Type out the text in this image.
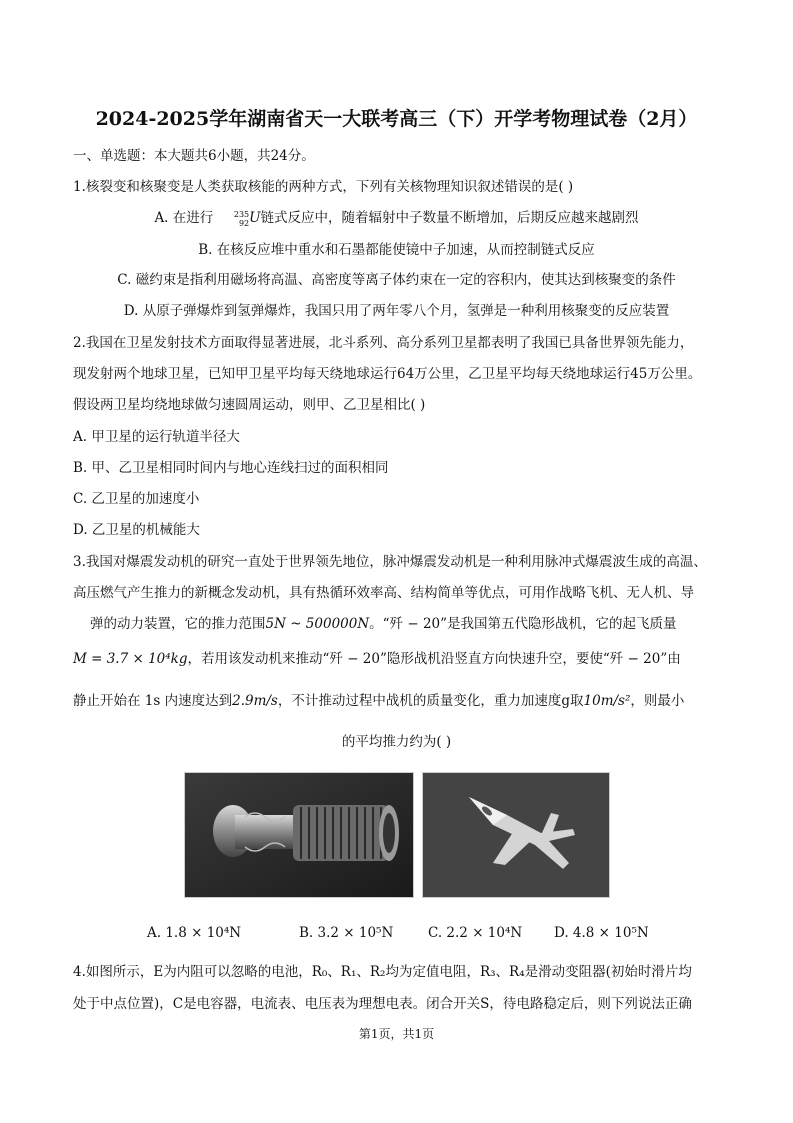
2024-2025学年湖南省天一大联考高三（下）开学考物理试卷（2月）
一、单选题：本大题共6小题，共24分。
1.核裂变和核聚变是人类获取核能的两种方式，下列有关核物理知识叙述错误的是( )
A. 在进行	235
92 U链式反应中，随着辐射中子数量不断增加，后期反应越来越剧烈
B. 在核反应堆中重水和石墨都能使镜中子加速，从而控制链式反应
C. 磁约束是指利用磁场将高温、高密度等离子体约束在一定的容积内，使其达到核聚变的条件
D. 从原子弹爆炸到氢弹爆炸，我国只用了两年零八个月，氢弹是一种利用核聚变的反应装置
2.我国在卫星发射技术方面取得显著进展，北斗系列、高分系列卫星都表明了我国已具备世界领先能力，
现发射两个地球卫星，已知甲卫星平均每天绕地球运行64万公里，乙卫星平均每天绕地球运行45万公里。
假设两卫星均绕地球做匀速圆周运动，则甲、乙卫星相比( )
A. 甲卫星的运行轨道半径大
B. 甲、乙卫星相同时间内与地心连线扫过的面积相同
C. 乙卫星的加速度小
D. 乙卫星的机械能大
3.我国对爆震发动机的研究一直处于世界领先地位，脉冲爆震发动机是一种利用脉冲式爆震波生成的高温、
高压燃气产生推力的新概念发动机，具有热循环效率高、结构简单等优点，可用作战略飞机、无人机、导
弹的动力装置，它的推力范围5N ~ 500000N。“歼 − 20”是我国第五代隐形战机，它的起飞质量
M = 3.7 × 10⁴kg，若用该发动机来推动“歼 − 20”隐形战机沿竖直方向快速升空，要使“歼 − 20”由
静止开始在 1s 内速度达到2.9m/s，不计推动过程中战机的质量变化，重力加速度g取10m/s²，则最小
的平均推力约为( )
A. 1.8 × 10⁴N	B. 3.2 × 10⁵N	C. 2.2 × 10⁴N D. 4.8 × 10⁵N
4.如图所示，E为内阻可以忽略的电池，R₀、R₁、R₂均为定值电阻，R₃、R₄是滑动变阻器(初始时滑片均
处于中点位置)，C是电容器，电流表、电压表为理想电表。闭合开关S，待电路稳定后，则下列说法正确
第1页，共1页
